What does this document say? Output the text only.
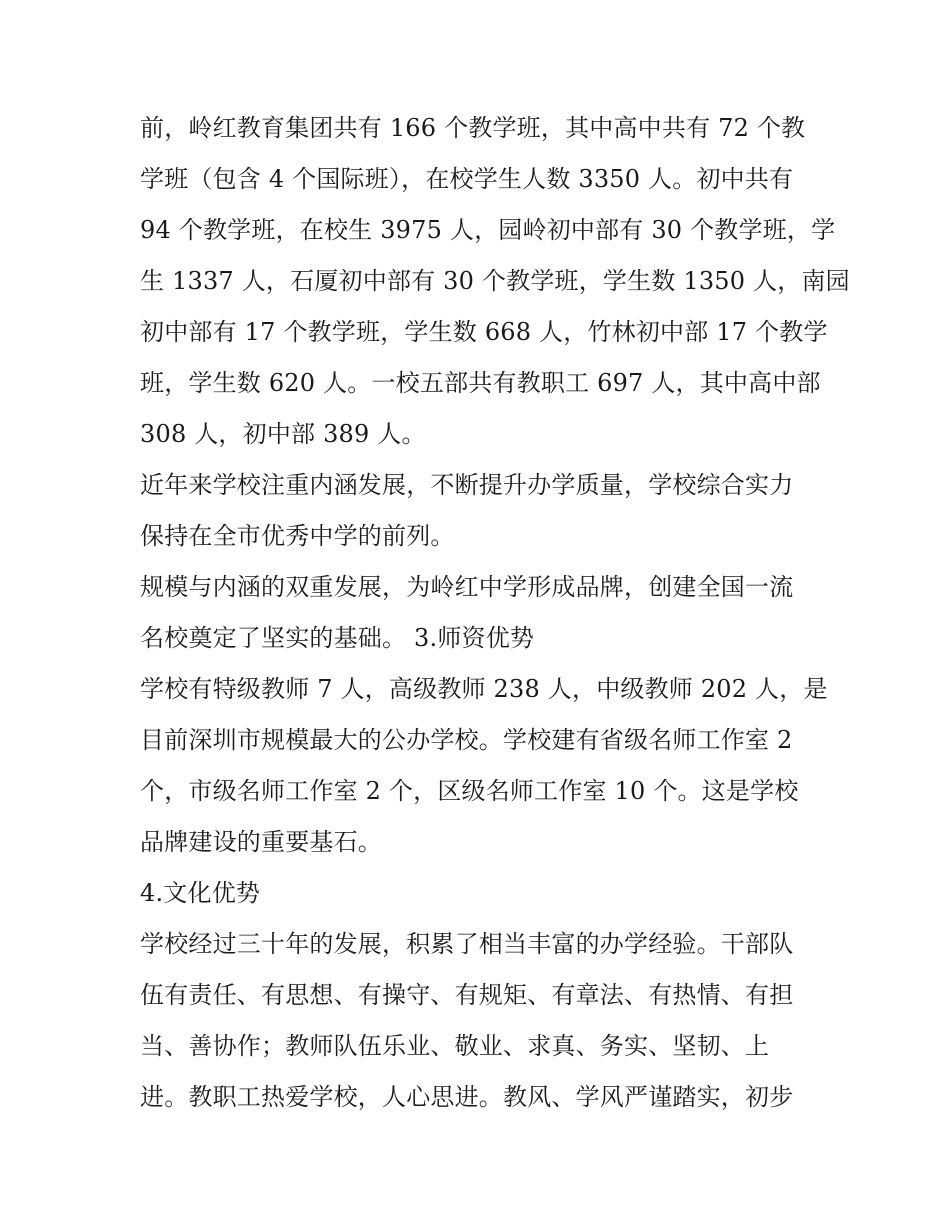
前，岭红教育集团共有 166 个教学班，其中高中共有 72 个教
学班（包含 4 个国际班），在校学生人数 3350 人。初中共有
94 个教学班，在校生 3975 人，园岭初中部有 30 个教学班，学
生 1337 人，石厦初中部有 30 个教学班，学生数 1350 人，南园
初中部有 17 个教学班，学生数 668 人，竹林初中部 17 个教学
班，学生数 620 人。一校五部共有教职工 697 人，其中高中部
308 人，初中部 389 人。
近年来学校注重内涵发展，不断提升办学质量，学校综合实力
保持在全市优秀中学的前列。
规模与内涵的双重发展，为岭红中学形成品牌，创建全国一流
名校奠定了坚实的基础。 3.师资优势
学校有特级教师 7 人，高级教师 238 人，中级教师 202 人，是
目前深圳市规模最大的公办学校。学校建有省级名师工作室 2
个，市级名师工作室 2 个，区级名师工作室 10 个。这是学校
品牌建设的重要基石。
4.文化优势
学校经过三十年的发展，积累了相当丰富的办学经验。干部队
伍有责任、有思想、有操守、有规矩、有章法、有热情、有担
当、善协作；教师队伍乐业、敬业、求真、务实、坚韧、上
进。教职工热爱学校，人心思进。教风、学风严谨踏实，初步
